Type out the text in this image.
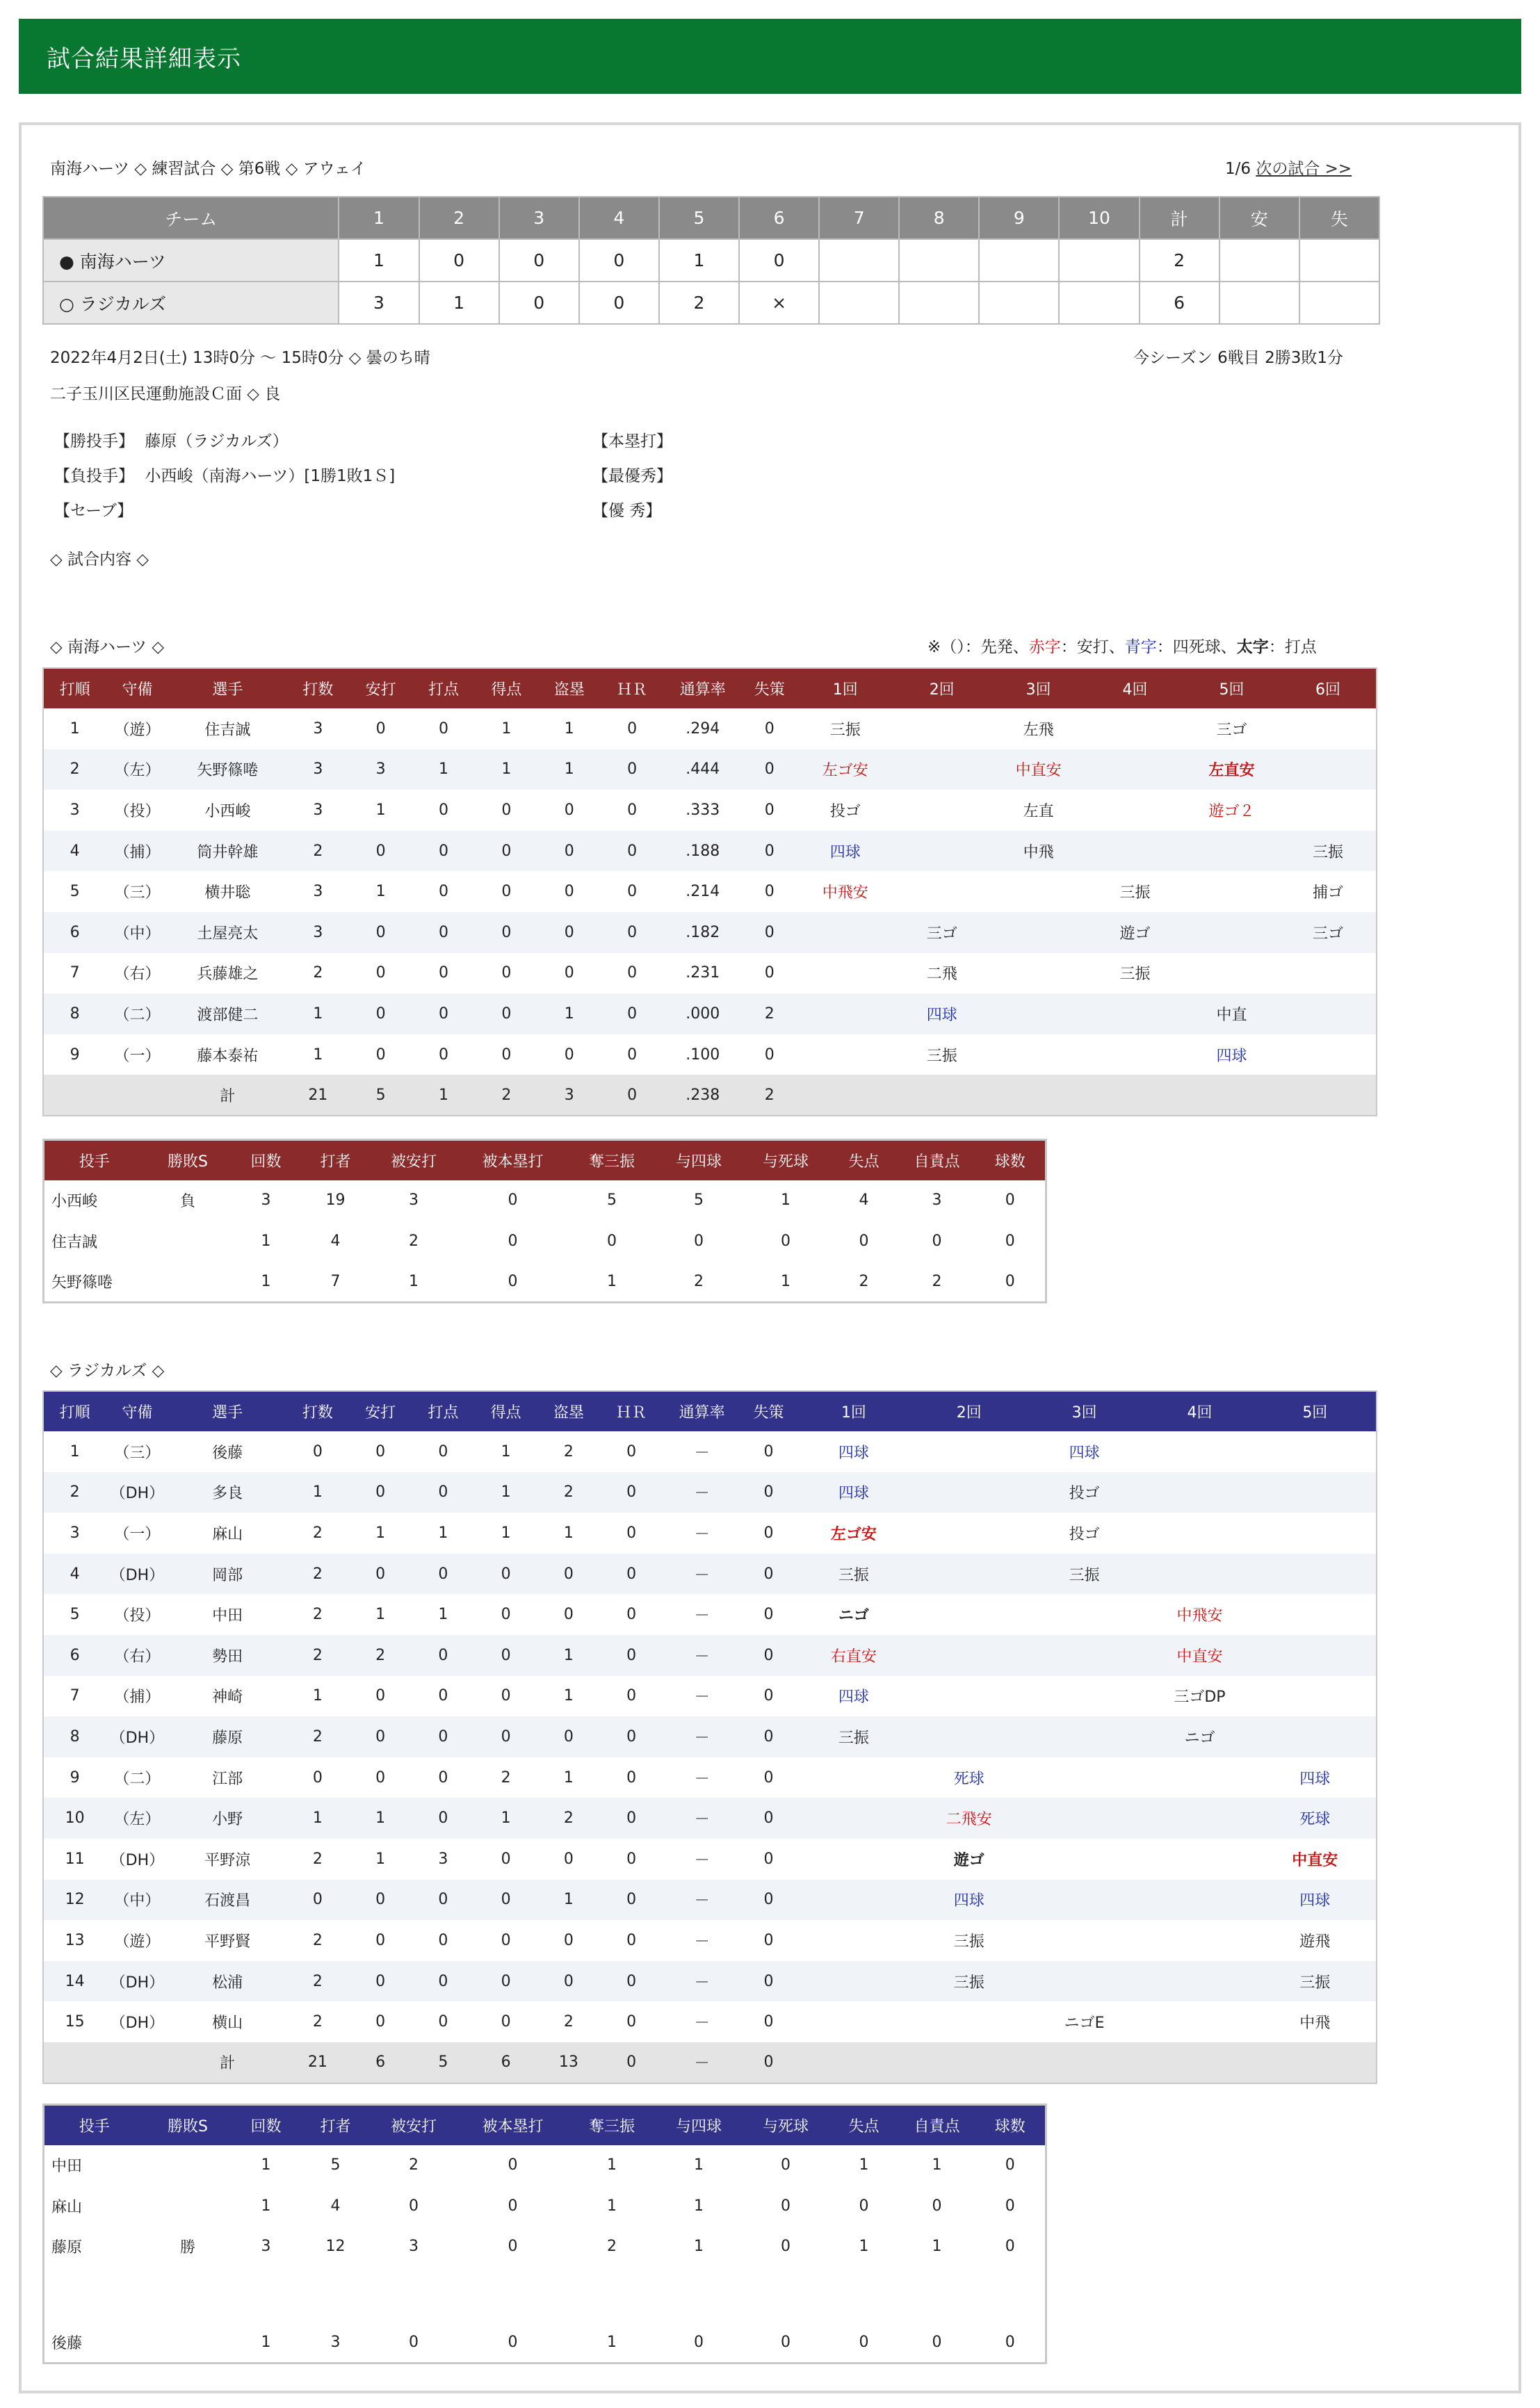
試合結果詳細表示
南海ハーツ ◇ 練習試合 ◇ 第6戦 ◇ アウェイ	1/6 次の試合 >>
チーム	1	2	3	4	5	6	7	8	9	10	計	安	失
● 南海ハーツ	1	0	0	0	1	0					2		
○ ラジカルズ	3	1	0	0	2	×					6		
2022年4月2日(土) 13時0分 ～ 15時0分 ◇ 曇のち晴	今シーズン 6戦目 2勝3敗1分
二子玉川区民運動施設Ｃ面 ◇ 良
【勝投手】 藤原（ラジカルズ）
【負投手】 小西峻（南海ハーツ）[1勝1敗1Ｓ]
【セーブ】
【本塁打】
【最優秀】
【優 秀】
◇ 試合内容 ◇
◇ 南海ハーツ ◇	※（）：先発、赤字：安打、青字：四死球、太字：打点
打順	守備	選手	打数	安打	打点	得点	盗塁	ＨＲ	通算率	失策	1回	2回	3回	4回	5回	6回
1	（遊）	住吉誠	3	0	0	1	1	0	.294	0	三振		左飛		三ゴ	
2	（左）	矢野篠啳	3	3	1	1	1	0	.444	0	左ゴ安		中直安		左直安	
3	（投）	小西峻	3	1	0	0	0	0	.333	0	投ゴ		左直		遊ゴ２	
4	（捕）	筒井幹雄	2	0	0	0	0	0	.188	0	四球		中飛			三振
5	（三）	横井聡	3	1	0	0	0	0	.214	0	中飛安			三振		捕ゴ
6	（中）	土屋亮太	3	0	0	0	0	0	.182	0		三ゴ		遊ゴ		三ゴ
7	（右）	兵藤雄之	2	0	0	0	0	0	.231	0		二飛		三振		
8	（二）	渡部健二	1	0	0	0	1	0	.000	2		四球			中直	
9	（一）	藤本泰祐	1	0	0	0	0	0	.100	0		三振			四球	
		計	21	5	1	2	3	0	.238	2						
投手	勝敗S	回数	打者	被安打	被本塁打	奪三振	与四球	与死球	失点	自責点	球数
小西峻	負	3	19	3	0	5	5	1	4	3	0
住吉誠		1	4	2	0	0	0	0	0	0	0
矢野篠啳		1	7	1	0	1	2	1	2	2	0
◇ ラジカルズ ◇
打順	守備	選手	打数	安打	打点	得点	盗塁	ＨＲ	通算率	失策	1回	2回	3回	4回	5回	
1	（三）	後藤	0	0	0	1	2	0	－	0	四球		四球			
2	（DH）	多良	1	0	0	1	2	0	－	0	四球		投ゴ			
3	（一）	麻山	2	1	1	1	1	0	－	0	左ゴ安		投ゴ			
4	（DH）	岡部	2	0	0	0	0	0	－	0	三振		三振			
5	（投）	中田	2	1	1	0	0	0	－	0	ニゴ			中飛安		
6	（右）	勢田	2	2	0	0	1	0	－	0	右直安			中直安		
7	（捕）	神崎	1	0	0	0	1	0	－	0	四球			三ゴDP		
8	（DH）	藤原	2	0	0	0	0	0	－	0	三振			ニゴ		
9	（二）	江部	0	0	0	2	1	0	－	0		死球			四球	
10	（左）	小野	1	1	0	1	2	0	－	0		二飛安			死球	
11	（DH）	平野涼	2	1	3	0	0	0	－	0		遊ゴ			中直安	
12	（中）	石渡昌	0	0	0	0	1	0	－	0		四球			四球	
13	（遊）	平野賢	2	0	0	0	0	0	－	0		三振			遊飛	
14	（DH）	松浦	2	0	0	0	0	0	－	0		三振			三振	
15	（DH）	横山	2	0	0	0	2	0	－	0			ニゴE		中飛	
		計	21	6	5	6	13	0	－	0						
投手	勝敗S	回数	打者	被安打	被本塁打	奪三振	与四球	与死球	失点	自責点	球数
中田		1	5	2	0	1	1	0	1	1	0
麻山		1	4	0	0	1	1	0	0	0	0
藤原	勝	3	12	3	0	2	1	0	1	1	0

後藤		1	3	0	0	1	0	0	0	0	0
